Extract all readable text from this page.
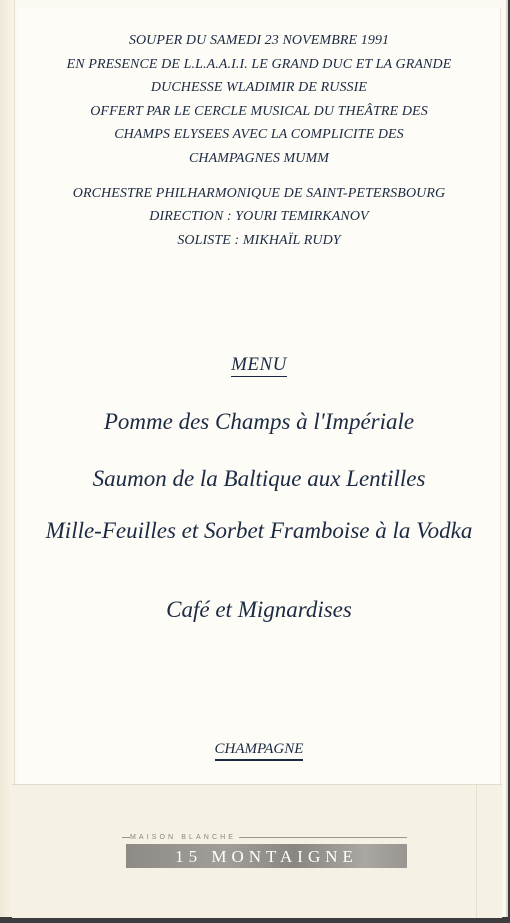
SOUPER DU SAMEDI 23 NOVEMBRE 1991
EN PRESENCE DE L.L.A.A.I.I. LE GRAND DUC ET LA GRANDE
DUCHESSE WLADIMIR DE RUSSIE
OFFERT PAR LE CERCLE MUSICAL DU THEÂTRE DES
CHAMPS ELYSEES AVEC LA COMPLICITE DES
CHAMPAGNES MUMM
ORCHESTRE PHILHARMONIQUE DE SAINT-PETERSBOURG
DIRECTION : YOURI TEMIRKANOV
SOLISTE : MIKHAÏL RUDY
MENU
Pomme des Champs à l'Impériale
Saumon de la Baltique aux Lentilles
Mille-Feuilles et Sorbet Framboise à la Vodka
Café et Mignardises
CHAMPAGNE
MAISON BLANCHE
15 MONTAIGNE
